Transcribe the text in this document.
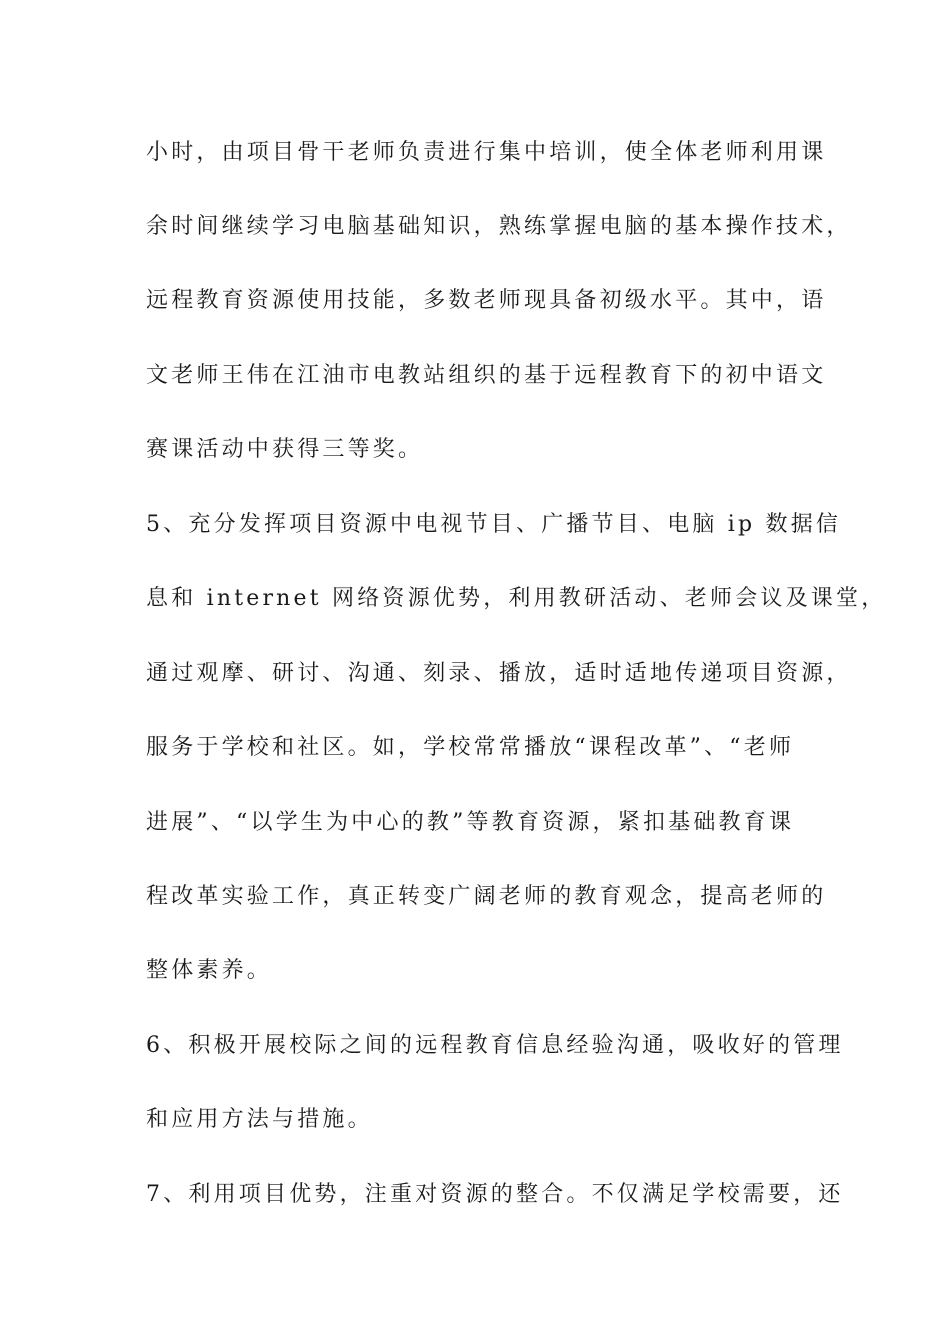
小时，由项目骨干老师负责进行集中培训，使全体老师利用课
余时间继续学习电脑基础知识，熟练掌握电脑的基本操作技术，
远程教育资源使用技能，多数老师现具备初级水平。其中，语
文老师王伟在江油市电教站组织的基于远程教育下的初中语文
赛课活动中获得三等奖。
5、充分发挥项目资源中电视节目、广播节目、电脑 ip 数据信
息和 internet 网络资源优势，利用教研活动、老师会议及课堂，
通过观摩、研讨、沟通、刻录、播放，适时适地传递项目资源，
服务于学校和社区。如，学校常常播放“课程改革”、“老师
进展”、“以学生为中心的教”等教育资源，紧扣基础教育课
程改革实验工作，真正转变广阔老师的教育观念，提高老师的
整体素养。
6、积极开展校际之间的远程教育信息经验沟通，吸收好的管理
和应用方法与措施。
7、利用项目优势，注重对资源的整合。不仅满足学校需要，还
